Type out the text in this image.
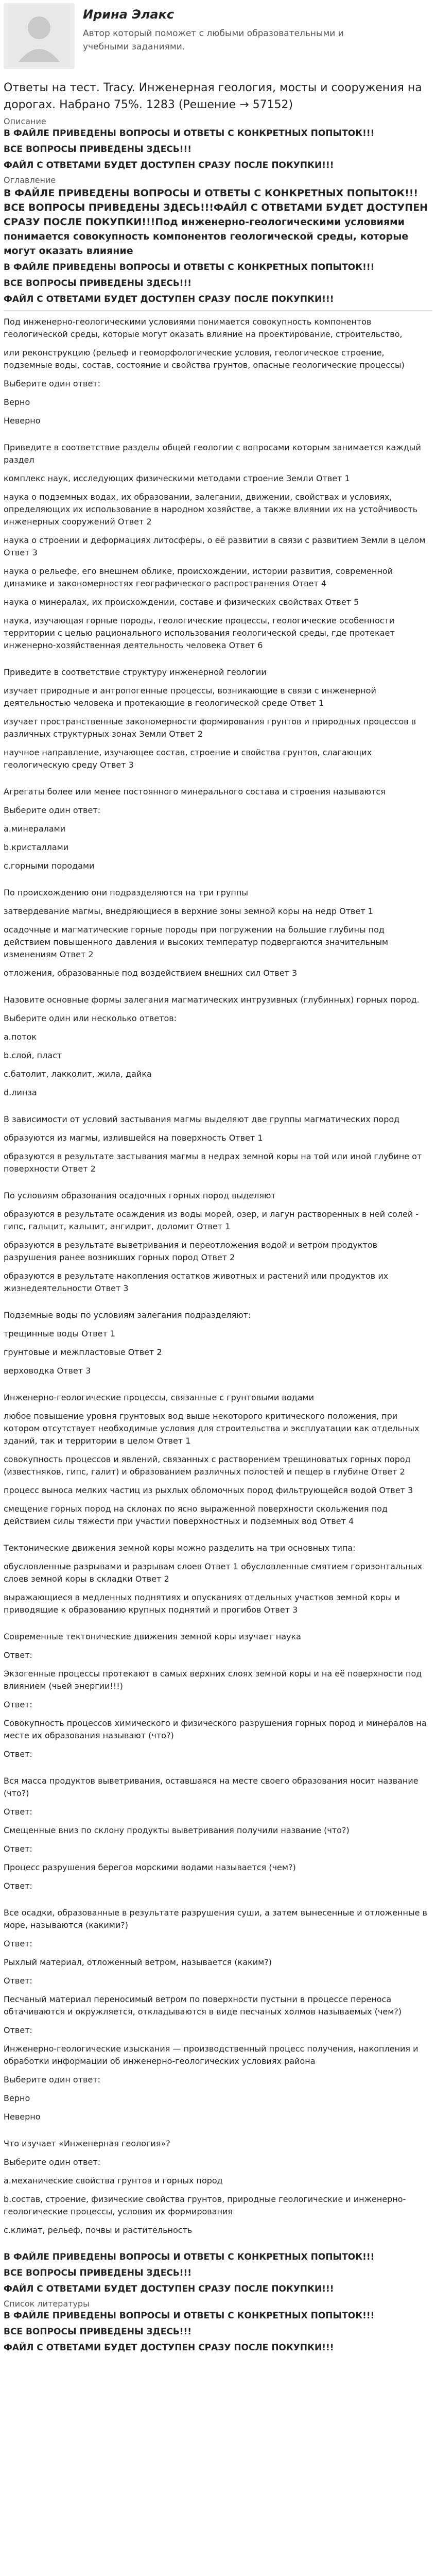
Ирина Элакс
Автор который поможет с любыми образовательными и учебными заданиями.
Ответы на тест. Tracy. Инженерная геология, мосты и сооружения на дорогах. Набрано 75%. 1283 (Решение → 57152)
Описание

В ФАЙЛЕ ПРИВЕДЕНЫ ВОПРОСЫ И ОТВЕТЫ С КОНКРЕТНЫХ ПОПЫТОК!!!

ВСЕ ВОПРОСЫ ПРИВЕДЕНЫ ЗДЕСЬ!!!

ФАЙЛ С ОТВЕТАМИ БУДЕТ ДОСТУПЕН СРАЗУ ПОСЛЕ ПОКУПКИ!!!

Оглавление

В ФАЙЛЕ ПРИВЕДЕНЫ ВОПРОСЫ И ОТВЕТЫ С КОНКРЕТНЫХ ПОПЫТОК!!!ВСЕ ВОПРОСЫ ПРИВЕДЕНЫ ЗДЕСЬ!!!ФАЙЛ С ОТВЕТАМИ БУДЕТ ДОСТУПЕН СРАЗУ ПОСЛЕ ПОКУПКИ!!!Под инженерно-геологическими условиями понимается совокупность компонентов геологической среды, которые могут оказать влияние

В ФАЙЛЕ ПРИВЕДЕНЫ ВОПРОСЫ И ОТВЕТЫ С КОНКРЕТНЫХ ПОПЫТОК!!!

ВСЕ ВОПРОСЫ ПРИВЕДЕНЫ ЗДЕСЬ!!!

ФАЙЛ С ОТВЕТАМИ БУДЕТ ДОСТУПЕН СРАЗУ ПОСЛЕ ПОКУПКИ!!!

Под инженерно-геологическими условиями понимается совокупность компонентов геологической среды, которые могут оказать влияние на проектирование, строительство,

или реконструкцию (рельеф и геоморфологические условия, геологическое строение, подземные воды, состав, состояние и свойства грунтов, опасные геологические процессы)

Выберите один ответ:

Верно

Неверно

Приведите в соответствие разделы общей геологии с вопросами которым занимается каждый раздел

комплекс наук, исследующих физическими методами строение Земли Ответ 1

наука о подземных водах, их образовании, залегании, движении, свойствах и условиях, определяющих их использование в народном хозяйстве, а также влиянии их на устойчивость инженерных сооружений Ответ 2

наука о строении и деформациях литосферы, о её развитии в связи с развитием Земли в целом Ответ 3

наука о рельефе, его внешнем облике, происхождении, истории развития, современной динамике и закономерностях географического распространения Ответ 4

наука о минералах, их происхождении, составе и физических свойствах Ответ 5

наука, изучающая горные породы, геологические процессы, геологические особенности территории с целью рационального использования геологической среды, где протекает инженерно-хозяйственная деятельность человека Ответ 6

Приведите в соответствие структуру инженерной геологии

изучает природные и антропогенные процессы, возникающие в связи с инженерной деятельностью человека и протекающие в геологической среде Ответ 1

изучает пространственные закономерности формирования грунтов и природных процессов в различных структурных зонах Земли Ответ 2

научное направление, изучающее состав, строение и свойства грунтов, слагающих геологическую среду Ответ 3

Агрегаты более или менее постоянного минерального состава и строения называются

Выберите один ответ:

a.минералами

b.кристаллами

c.горными породами

По происхождению они подразделяются на три группы

затвердевание магмы, внедряющиеся в верхние зоны земной коры на недр Ответ 1

осадочные и магматические горные породы при погружении на большие глубины под действием повышенного давления и высоких температур подвергаются значительным изменениям Ответ 2

отложения, образованные под воздействием внешних сил Ответ 3

Назовите основные формы залегания магматических интрузивных (глубинных) горных пород.

Выберите один или несколько ответов:

a.поток

b.слой, пласт

c.батолит, лакколит, жила, дайка

d.линза

В зависимости от условий застывания магмы выделяют две группы магматических пород

образуются из магмы, излившейся на поверхность Ответ 1

образуются в результате застывания магмы в недрах земной коры на той или иной глубине от поверхности Ответ 2

По условиям образования осадочных горных пород выделяют

образуются в результате осаждения из воды морей, озер, и лагун растворенных в ней солей - гипс, гальцит, кальцит, ангидрит, доломит Ответ 1

образуются в результате выветривания и переотложения водой и ветром продуктов разрушения ранее возникших горных пород Ответ 2

образуются в результате накопления остатков животных и растений или продуктов их жизнедеятельности Ответ 3

Подземные воды по условиям залегания подразделяют:

трещинные воды Ответ 1

грунтовые и межпластовые Ответ 2

верховодка Ответ 3

Инженерно-геологические процессы, связанные с грунтовыми водами

любое повышение уровня грунтовых вод выше некоторого критического положения, при котором отсутствует необходимые условия для строительства и эксплуатации как отдельных зданий, так и территории в целом Ответ 1

совокупность процессов и явлений, связанных с растворением трещиноватых горных пород (известняков, гипс, галит) и образованием различных полостей и пещер в глубине Ответ 2

процесс выноса мелких частиц из рыхлых обломочных пород фильтрующейся водой Ответ 3

смещение горных пород на склонах по ясно выраженной поверхности скольжения под действием силы тяжести при участии поверхностных и подземных вод Ответ 4

Тектонические движения земной коры можно разделить на три основных типа:

обусловленные разрывами и разрывам слоев Ответ 1 обусловленные смятием горизонтальных слоев земной коры в складки Ответ 2

выражающиеся в медленных поднятиях и опусканиях отдельных участков земной коры и приводящие к образованию крупных поднятий и прогибов Ответ 3

Современные тектонические движения земной коры изучает наука

Ответ:

Экзогенные процессы протекают в самых верхних слоях земной коры и на её поверхности под влиянием (чьей энергии!!!)

Ответ:

Совокупность процессов химического и физического разрушения горных пород и минералов на месте их образования называют (что?)

Ответ:

Вся масса продуктов выветривания, оставшаяся на месте своего образования носит название (что?)

Ответ:

Смещенные вниз по склону продукты выветривания получили название (что?)

Ответ:

Процесс разрушения берегов морскими водами называется (чем?)

Ответ:

Все осадки, образованные в результате разрушения суши, а затем вынесенные и отложенные в море, называются (какими?)

Ответ:

Рыхлый материал, отложенный ветром, называется (каким?)

Ответ:

Песчаный материал переносимый ветром по поверхности пустыни в процессе переноса обтачиваются и окружляется, откладываются в виде песчаных холмов называемых (чем?)

Ответ:

Инженерно-геологические изыскания — производственный процесс получения, накопления и обработки информации об инженерно-геологических условиях района

Выберите один ответ:

Верно

Неверно

Что изучает «Инженерная геология»?

Выберите один ответ:

a.механические свойства грунтов и горных пород

b.состав, строение, физические свойства грунтов, природные геологические и инженерно-геологические процессы, условия их формирования

c.климат, рельеф, почвы и растительность

В ФАЙЛЕ ПРИВЕДЕНЫ ВОПРОСЫ И ОТВЕТЫ С КОНКРЕТНЫХ ПОПЫТОК!!!

ВСЕ ВОПРОСЫ ПРИВЕДЕНЫ ЗДЕСЬ!!!

ФАЙЛ С ОТВЕТАМИ БУДЕТ ДОСТУПЕН СРАЗУ ПОСЛЕ ПОКУПКИ!!!

Список литературы

В ФАЙЛЕ ПРИВЕДЕНЫ ВОПРОСЫ И ОТВЕТЫ С КОНКРЕТНЫХ ПОПЫТОК!!!

ВСЕ ВОПРОСЫ ПРИВЕДЕНЫ ЗДЕСЬ!!!

ФАЙЛ С ОТВЕТАМИ БУДЕТ ДОСТУПЕН СРАЗУ ПОСЛЕ ПОКУПКИ!!!
